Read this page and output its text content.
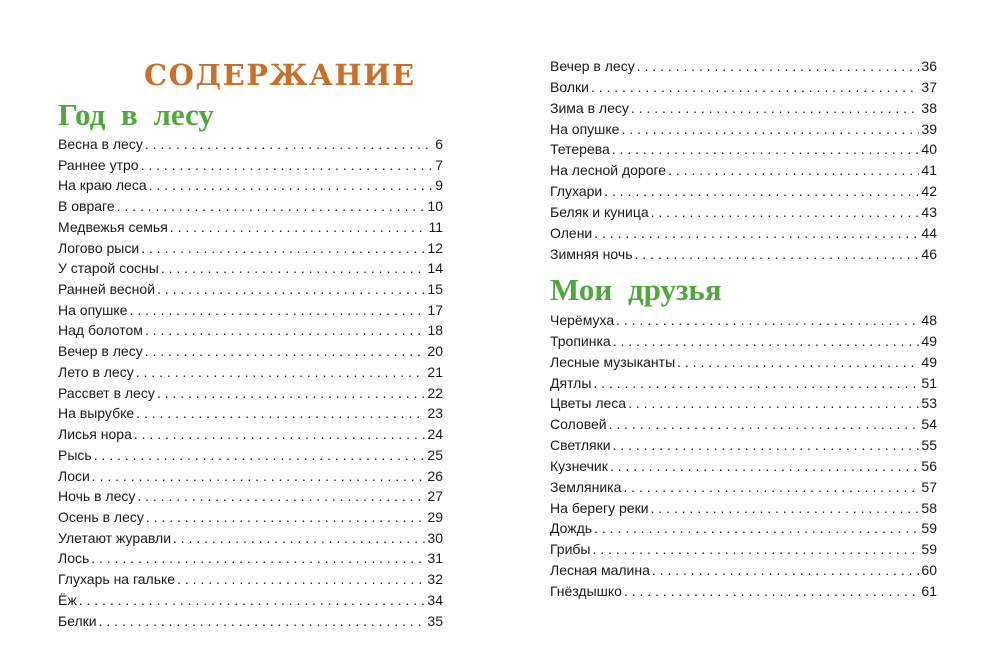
СОДЕРЖАНИЕ
Год в лесу
Весна в лесу . . .	6
Раннее утро . . .	7
На краю леса . . .	9
В овраге . . .	10
Медвежья семья . . .	11
Логово рыси . . .	12
У старой сосны . . .	14
Ранней весной . . .	15
На опушке . . .	17
Над болотом . . .	18
Вечер в лесу . . .	20
Лето в лесу . . .	21
Рассвет в лесу . . .	22
На вырубке . . .	23
Лисья нора . . .	24
Рысь . . .	25
Лоси . . .	26
Ночь в лесу . . .	27
Осень в лесу . . .	29
Улетают журавли . . .	30
Лось . . .	31
Глухарь на гальке . . .	32
Ёж . . .	34
Белки . . .	35
Вечер в лесу . . .	36
Волки . . .	37
Зима в лесу . . .	38
На опушке . . .	39
Тетерева . . .	40
На лесной дороге . . .	41
Глухари . . .	42
Беляк и куница . . .	43
Олени . . .	44
Зимняя ночь . . .	46
Мои друзья
Черёмуха . . .	48
Тропинка . . .	49
Лесные музыканты . . .	49
Дятлы . . .	51
Цветы леса . . .	53
Соловей . . .	54
Светляки . . .	55
Кузнечик . . .	56
Земляника . . .	57
На берегу реки . . .	58
Дождь . . .	59
Грибы . . .	59
Лесная малина . . .	60
Гнёздышко . . .	61
